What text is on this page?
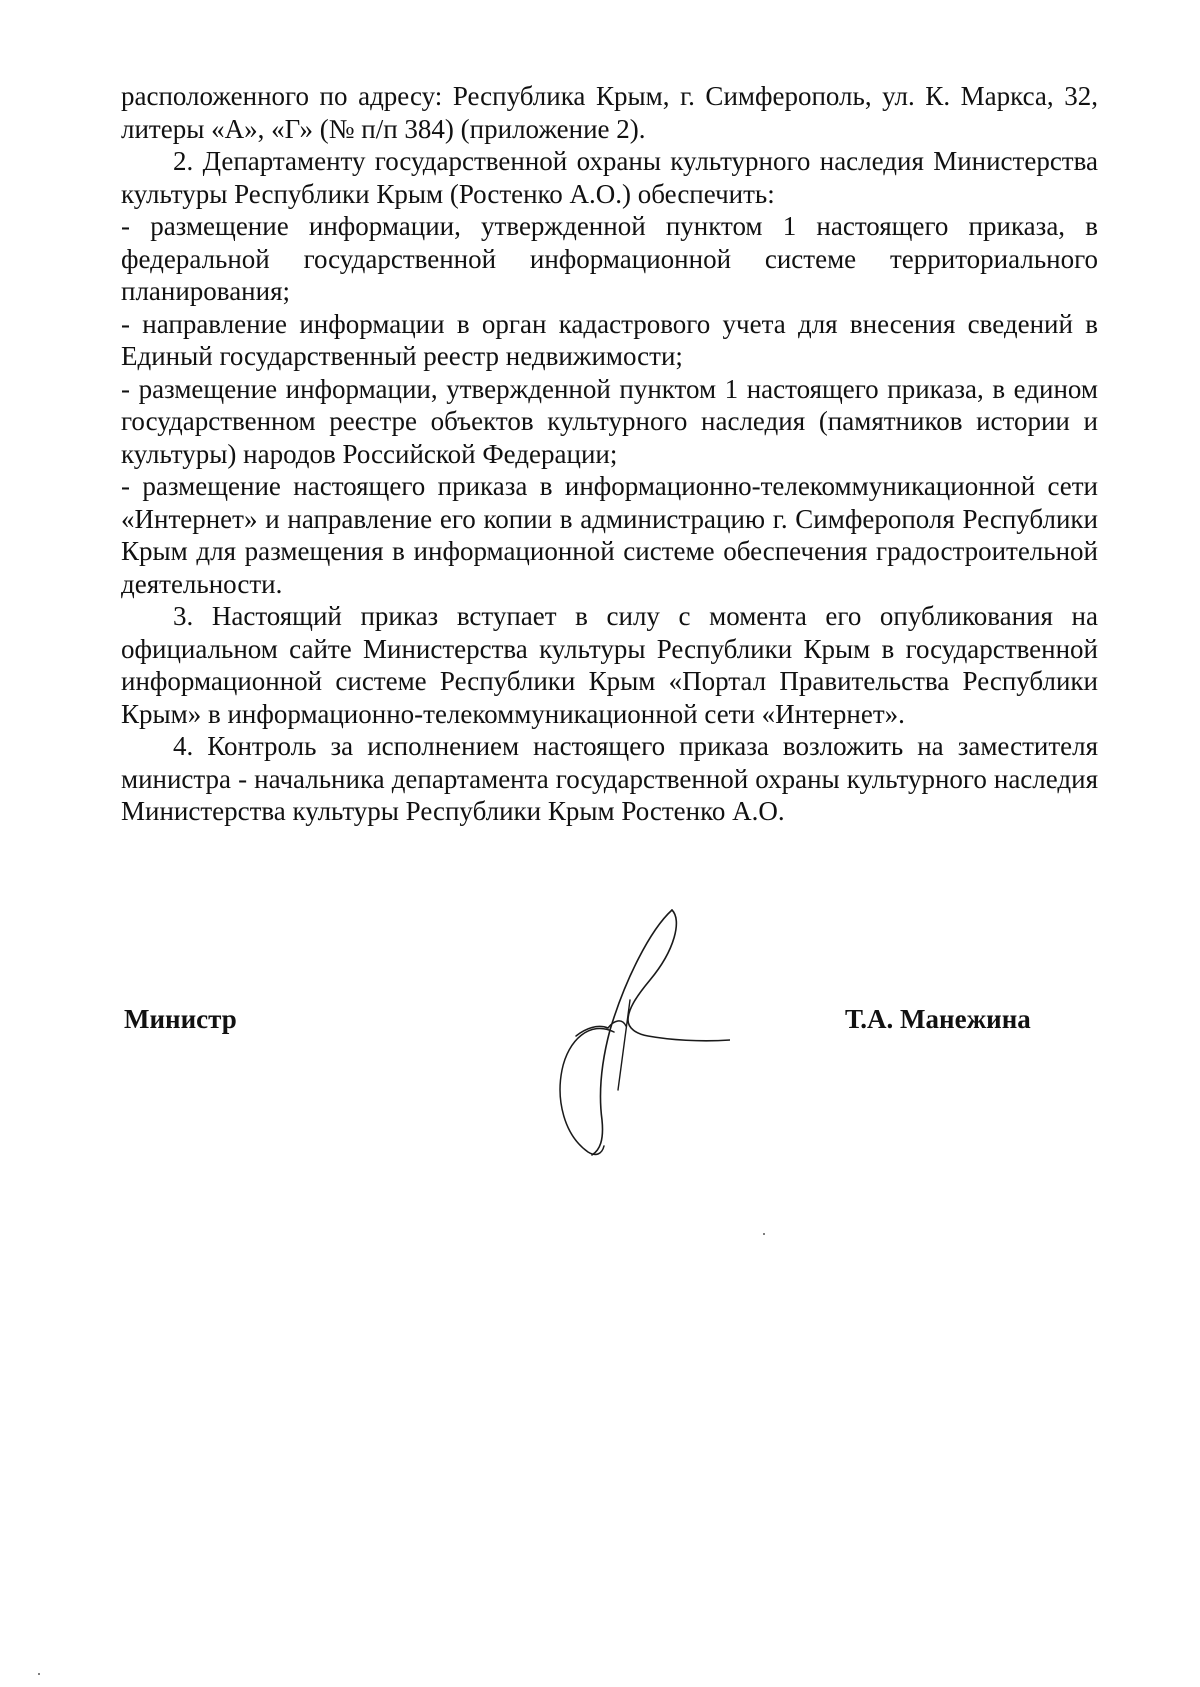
расположенного по адресу: Республика Крым, г. Симферополь, ул. К. Маркса, 32, литеры «А», «Г» (№ п/п 384) (приложение 2).

2. Департаменту государственной охраны культурного наследия Министерства культуры Республики Крым (Ростенко А.О.) обеспечить:

- размещение информации, утвержденной пунктом 1 настоящего приказа, в федеральной государственной информационной системе территориального планирования;

- направление информации в орган кадастрового учета для внесения сведений в Единый государственный реестр недвижимости;

- размещение информации, утвержденной пунктом 1 настоящего приказа, в едином государственном реестре объектов культурного наследия (памятников истории и культуры) народов Российской Федерации;

- размещение настоящего приказа в информационно-телекоммуникационной сети «Интернет» и направление его копии в администрацию г. Симферополя Республики Крым для размещения в информационной системе обеспечения градостроительной деятельности.

3. Настоящий приказ вступает в силу с момента его опубликования на официальном сайте Министерства культуры Республики Крым в государственной информационной системе Республики Крым «Портал Правительства Республики Крым» в информационно-телекоммуникационной сети «Интернет».

4. Контроль за исполнением настоящего приказа возложить на заместителя министра - начальника департамента государственной охраны культурного наследия Министерства культуры Республики Крым Ростенко А.О.

Министр	Т.А. Манежина
